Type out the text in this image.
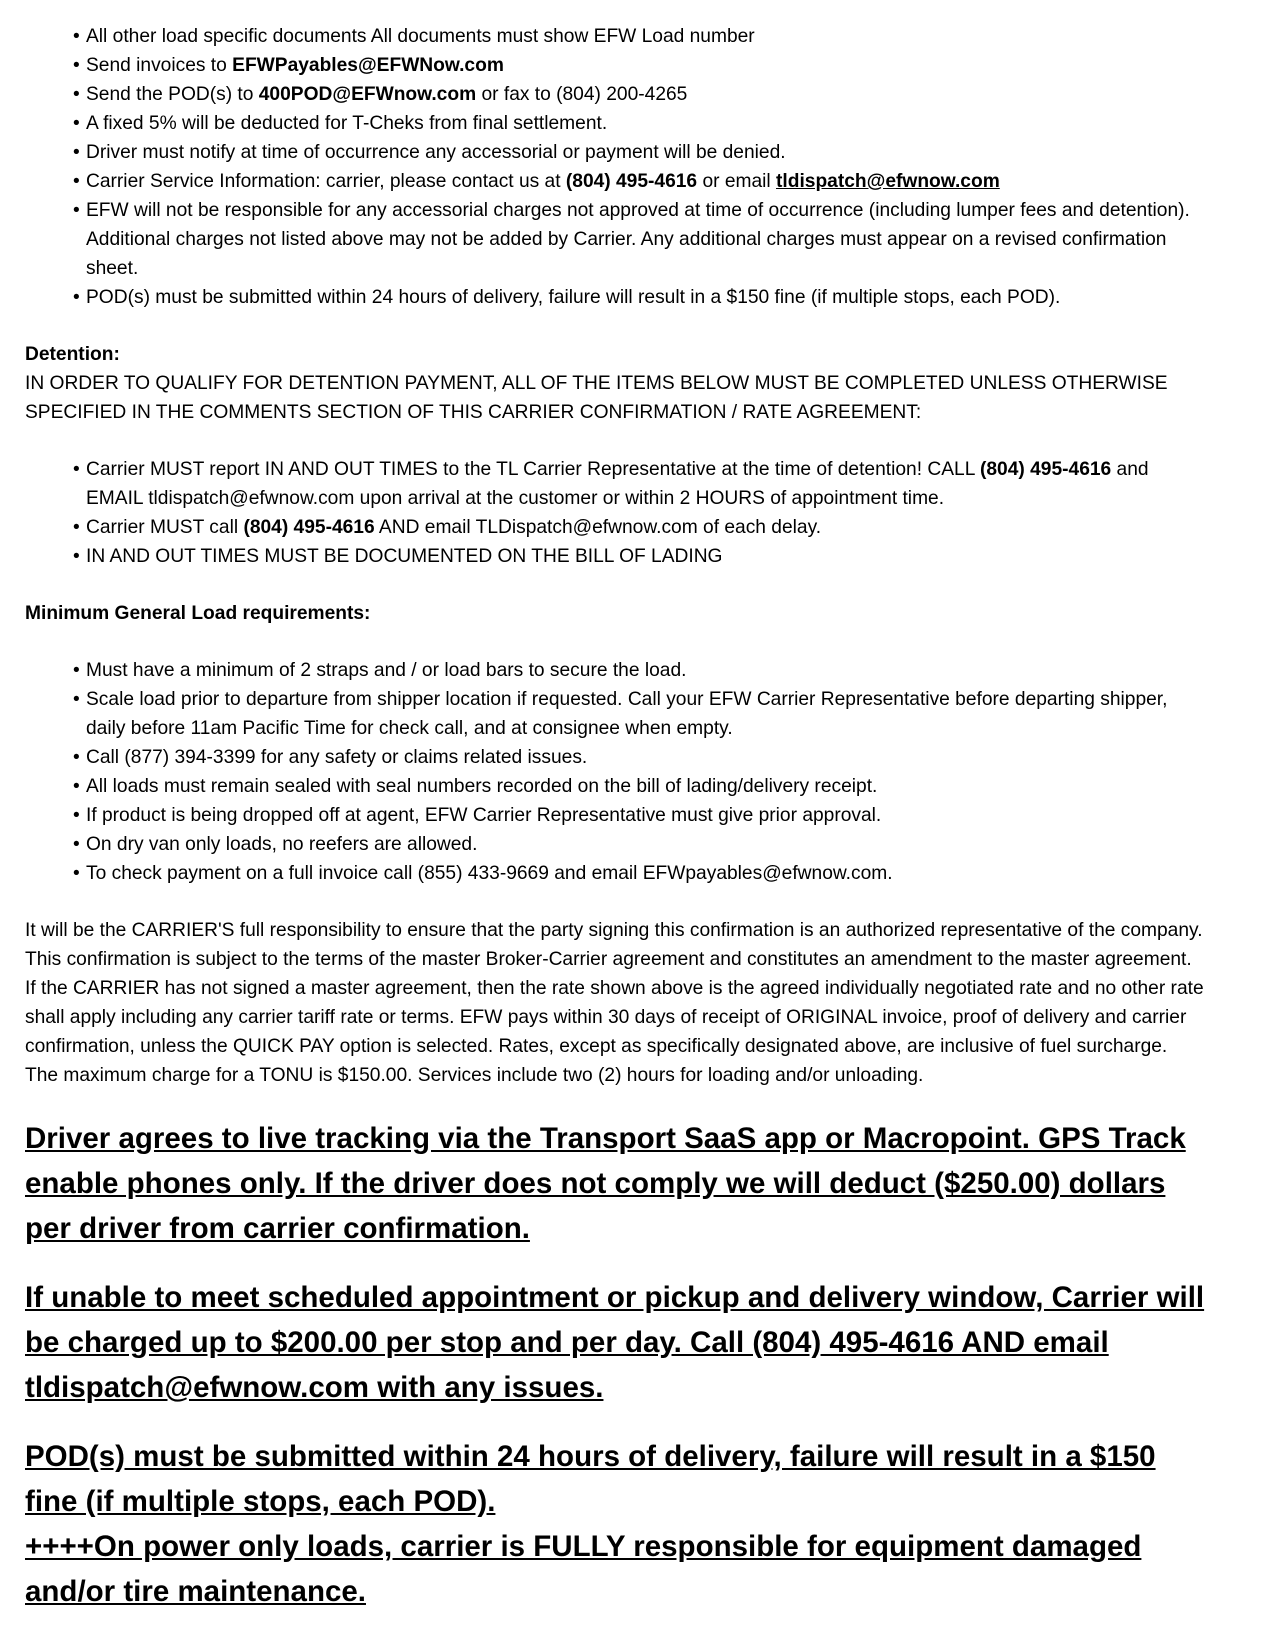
• All other load specific documents All documents must show EFW Load number
• Send invoices to EFWPayables@EFWNow.com
• Send the POD(s) to 400POD@EFWnow.com or fax to (804) 200-4265
• A fixed 5% will be deducted for T-Cheks from final settlement.
• Driver must notify at time of occurrence any accessorial or payment will be denied.
• Carrier Service Information: carrier, please contact us at (804) 495-4616 or email tldispatch@efwnow.com
• EFW will not be responsible for any accessorial charges not approved at time of occurrence (including lumper fees and detention). Additional charges not listed above may not be added by Carrier. Any additional charges must appear on a revised confirmation sheet.
• POD(s) must be submitted within 24 hours of delivery, failure will result in a $150 fine (if multiple stops, each POD).
Detention:

IN ORDER TO QUALIFY FOR DETENTION PAYMENT, ALL OF THE ITEMS BELOW MUST BE COMPLETED UNLESS OTHERWISE SPECIFIED IN THE COMMENTS SECTION OF THIS CARRIER CONFIRMATION / RATE AGREEMENT:

• Carrier MUST report IN AND OUT TIMES to the TL Carrier Representative at the time of detention! CALL (804) 495-4616 and EMAIL tldispatch@efwnow.com upon arrival at the customer or within 2 HOURS of appointment time.
• Carrier MUST call (804) 495-4616 AND email TLDispatch@efwnow.com of each delay.
• IN AND OUT TIMES MUST BE DOCUMENTED ON THE BILL OF LADING
Minimum General Load requirements:
• Must have a minimum of 2 straps and / or load bars to secure the load.
• Scale load prior to departure from shipper location if requested. Call your EFW Carrier Representative before departing shipper, daily before 11am Pacific Time for check call, and at consignee when empty.
• Call (877) 394-3399 for any safety or claims related issues.
• All loads must remain sealed with seal numbers recorded on the bill of lading/delivery receipt.
• If product is being dropped off at agent, EFW Carrier Representative must give prior approval.
• On dry van only loads, no reefers are allowed.
• To check payment on a full invoice call (855) 433-9669 and email EFWpayables@efwnow.com.

It will be the CARRIER'S full responsibility to ensure that the party signing this confirmation is an authorized representative of the company. This confirmation is subject to the terms of the master Broker-Carrier agreement and constitutes an amendment to the master agreement. If the CARRIER has not signed a master agreement, then the rate shown above is the agreed individually negotiated rate and no other rate shall apply including any carrier tariff rate or terms. EFW pays within 30 days of receipt of ORIGINAL invoice, proof of delivery and carrier confirmation, unless the QUICK PAY option is selected. Rates, except as specifically designated above, are inclusive of fuel surcharge. The maximum charge for a TONU is $150.00. Services include two (2) hours for loading and/or unloading.

Driver agrees to live tracking via the Transport SaaS app or Macropoint. GPS Track enable phones only. If the driver does not comply we will deduct ($250.00) dollars per driver from carrier confirmation.

If unable to meet scheduled appointment or pickup and delivery window, Carrier will be charged up to $200.00 per stop and per day. Call (804) 495-4616 AND email tldispatch@efwnow.com with any issues.

POD(s) must be submitted within 24 hours of delivery, failure will result in a $150 fine (if multiple stops, each POD).

++++On power only loads, carrier is FULLY responsible for equipment damaged and/or tire maintenance.
